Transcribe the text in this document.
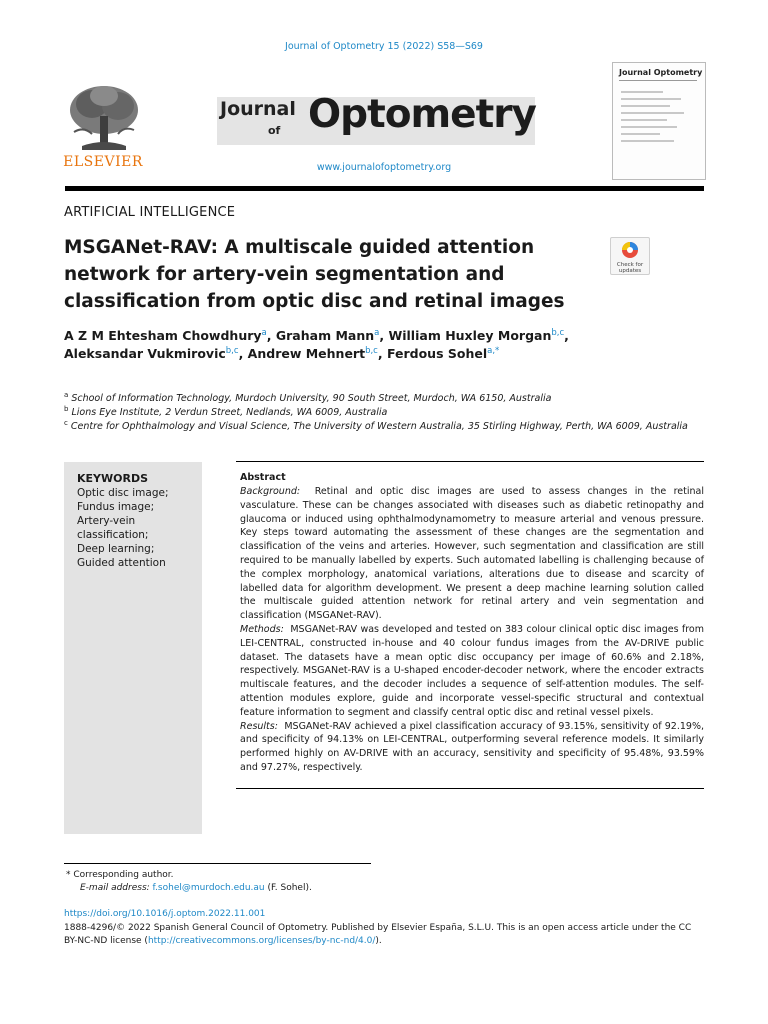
Journal of Optometry 15 (2022) S58—S69
ELSEVIER
Journal
of Optometry
www.journalofoptometry.org
Journal Optometry
ARTIFICIAL INTELLIGENCE
MSGANet-RAV: A multiscale guided attention network for artery-vein segmentation and classification from optic disc and retinal images
Check for updates
A Z M Ehtesham Chowdhury$^a$, Graham Mann$^a$, William Huxley Morgan$^{b,c}$,
Aleksandar Vukmirovic$^{b,c}$, Andrew Mehnert$^{b,c}$, Ferdous Sohel$^{a,*}$
$^a$ School of Information Technology, Murdoch University, 90 South Street, Murdoch, WA 6150, Australia
$^b$ Lions Eye Institute, 2 Verdun Street, Nedlands, WA 6009, Australia
$^c$ Centre for Ophthalmology and Visual Science, The University of Western Australia, 35 Stirling Highway, Perth, WA 6009, Australia
KEYWORDS
Optic disc image;
Fundus image;
Artery-vein
classification;
Deep learning;
Guided attention
Abstract
Background: Retinal and optic disc images are used to assess changes in the retinal vasculature. These can be changes associated with diseases such as diabetic retinopathy and glaucoma or induced using ophthalmodynamometry to measure arterial and venous pressure. Key steps toward automating the assessment of these changes are the segmentation and classification of the veins and arteries. However, such segmentation and classification are still required to be manually labelled by experts. Such automated labelling is challenging because of the complex morphology, anatomical variations, alterations due to disease and scarcity of labelled data for algorithm development. We present a deep machine learning solution called the multiscale guided attention network for retinal artery and vein segmentation and classification (MSGANet-RAV).
Methods: MSGANet-RAV was developed and tested on 383 colour clinical optic disc images from LEI-CENTRAL, constructed in-house and 40 colour fundus images from the AV-DRIVE public dataset. The datasets have a mean optic disc occupancy per image of 60.6% and 2.18%, respectively. MSGANet-RAV is a U-shaped encoder-decoder network, where the encoder extracts multiscale features, and the decoder includes a sequence of self-attention modules. The self-attention modules explore, guide and incorporate vessel-specific structural and contextual feature information to segment and classify central optic disc and retinal vessel pixels.
Results: MSGANet-RAV achieved a pixel classification accuracy of 93.15%, sensitivity of 92.19%, and specificity of 94.13% on LEI-CENTRAL, outperforming several reference models. It similarly performed highly on AV-DRIVE with an accuracy, sensitivity and specificity of 95.48%, 93.59% and 97.27%, respectively.
* Corresponding author.
E-mail address: f.sohel@murdoch.edu.au (F. Sohel).
https://doi.org/10.1016/j.optom.2022.11.001
1888-4296/© 2022 Spanish General Council of Optometry. Published by Elsevier España, S.L.U. This is an open access article under the CC BY-NC-ND license (http://creativecommons.org/licenses/by-nc-nd/4.0/).
